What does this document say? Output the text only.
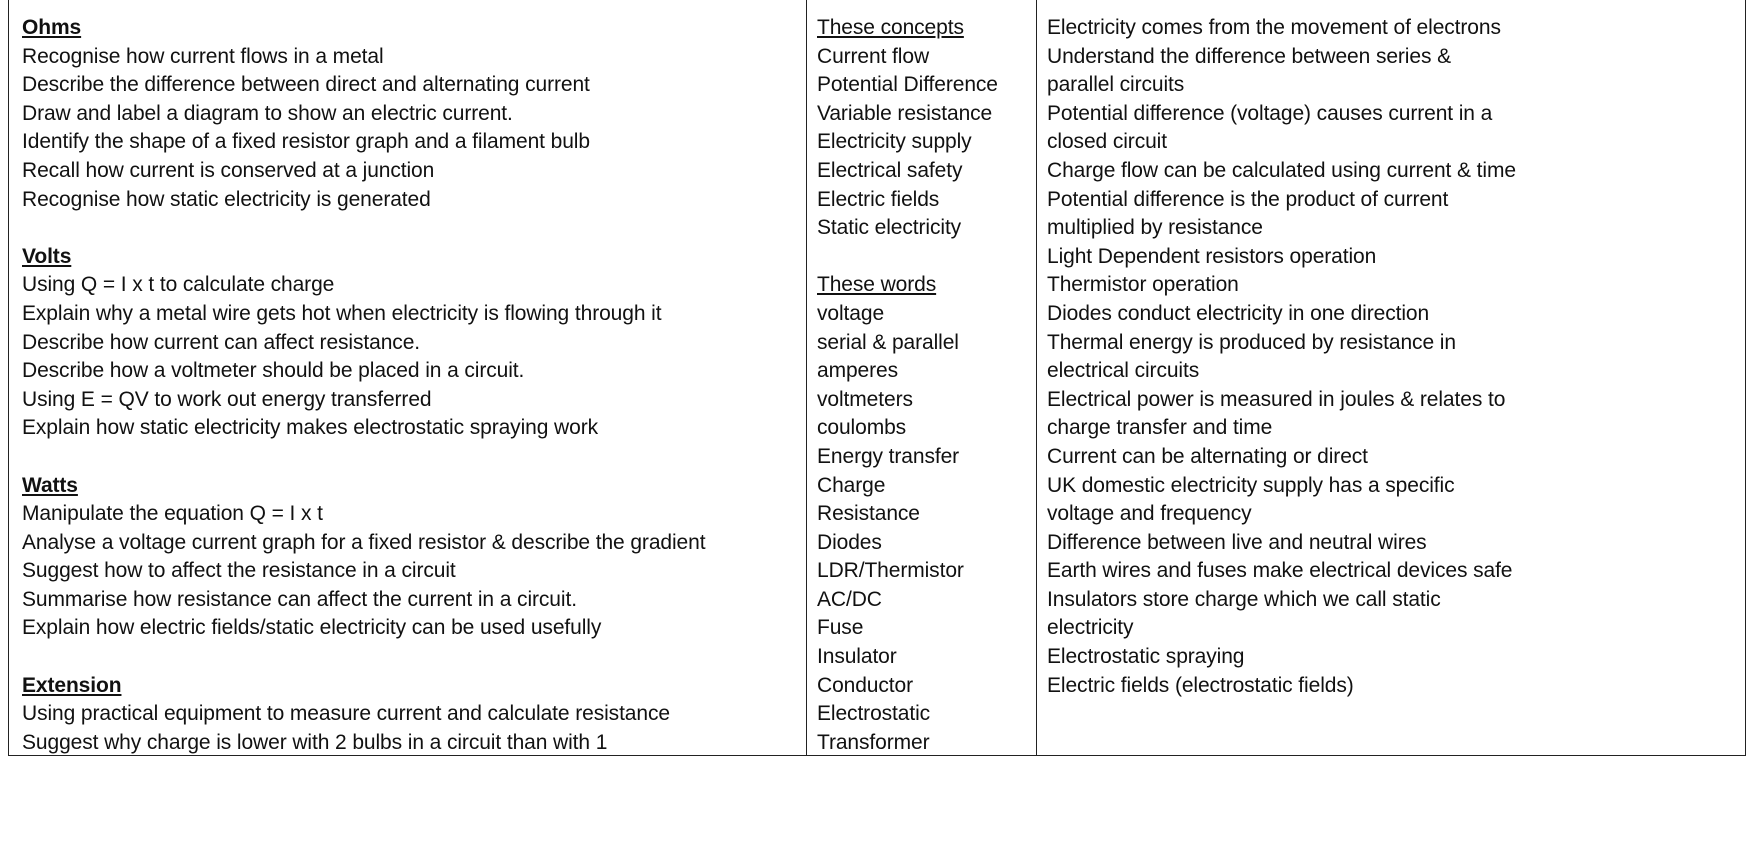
Ohms
Recognise how current flows in a metal
Describe the difference between direct and alternating current
Draw and label a diagram to show an electric current.
Identify the shape of a fixed resistor graph and a filament bulb
Recall how current is conserved at a junction
Recognise how static electricity is generated
Volts
Using Q = I x t to calculate charge
Explain why a metal wire gets hot when electricity is flowing through it
Describe how current can affect resistance.
Describe how a voltmeter should be placed in a circuit.
Using E = QV to work out energy transferred
Explain how static electricity makes electrostatic spraying work
Watts
Manipulate the equation Q = I x t
Analyse a voltage current graph for a fixed resistor & describe the gradient
Suggest how to affect the resistance in a circuit
Summarise how resistance can affect the current in a circuit.
Explain how electric fields/static electricity can be used usefully
Extension
Using practical equipment to measure current and calculate resistance
Suggest why charge is lower with 2 bulbs in a circuit than with 1
These concepts
Current flow
Potential Difference
Variable resistance
Electricity supply
Electrical safety
Electric fields
Static electricity
These words
voltage
serial & parallel
amperes
voltmeters
coulombs
Energy transfer
Charge
Resistance
Diodes
LDR/Thermistor
AC/DC
Fuse
Insulator
Conductor
Electrostatic
Transformer
Electricity comes from the movement of electrons
Understand the difference between series &
parallel circuits
Potential difference (voltage) causes current in a
closed circuit
Charge flow can be calculated using current & time
Potential difference is the product of current
multiplied by resistance
Light Dependent resistors operation
Thermistor operation
Diodes conduct electricity in one direction
Thermal energy is produced by resistance in
electrical circuits
Electrical power is measured in joules & relates to
charge transfer and time
Current can be alternating or direct
UK domestic electricity supply has a specific
voltage and frequency
Difference between live and neutral wires
Earth wires and fuses make electrical devices safe
Insulators store charge which we call static
electricity
Electrostatic spraying
Electric fields (electrostatic fields)
